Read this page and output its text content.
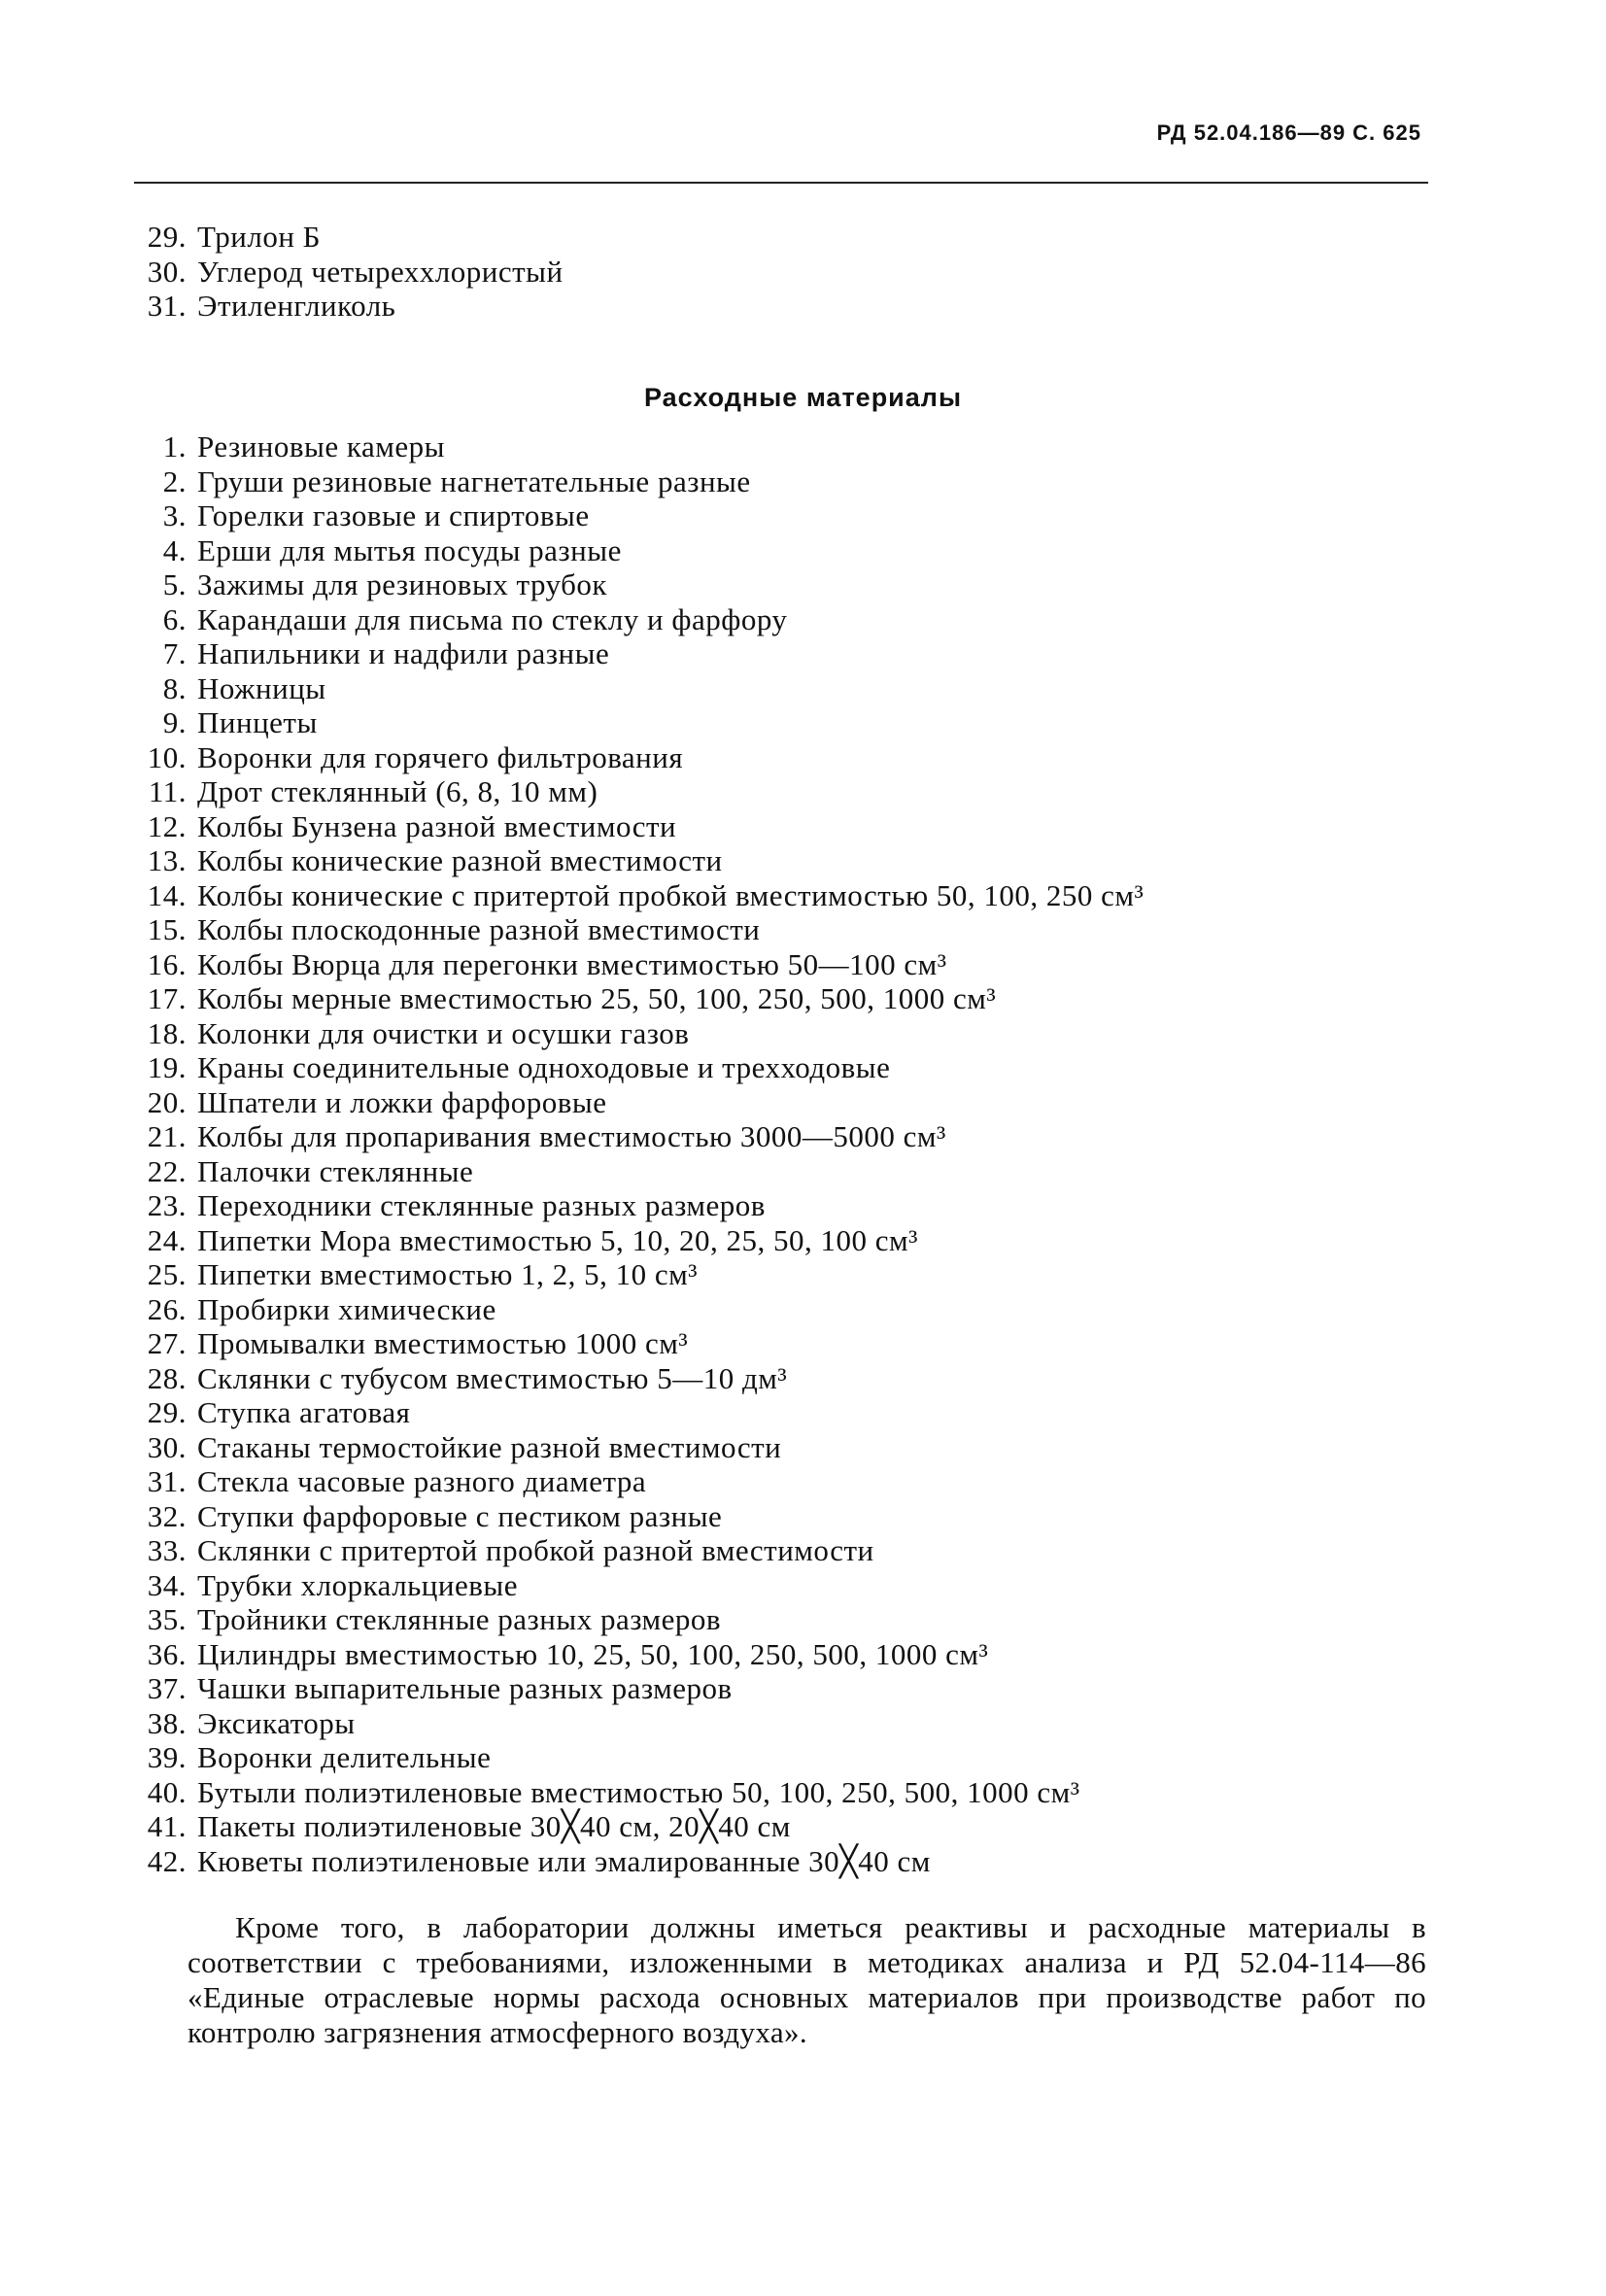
РД 52.04.186—89 С. 625
29. Трилон Б
30. Углерод четыреххлористый
31. Этиленгликоль
Расходные материалы
1. Резиновые камеры
2. Груши резиновые нагнетательные разные
3. Горелки газовые и спиртовые
4. Ерши для мытья посуды разные
5. Зажимы для резиновых трубок
6. Карандаши для письма по стеклу и фарфору
7. Напильники и надфили разные
8. Ножницы
9. Пинцеты
10. Воронки для горячего фильтрования
11. Дрот стеклянный (6, 8, 10 мм)
12. Колбы Бунзена разной вместимости
13. Колбы конические разной вместимости
14. Колбы конические с притертой пробкой вместимостью 50, 100, 250 см³
15. Колбы плоскодонные разной вместимости
16. Колбы Вюрца для перегонки вместимостью 50—100 см³
17. Колбы мерные вместимостью 25, 50, 100, 250, 500, 1000 см³
18. Колонки для очистки и осушки газов
19. Краны соединительные одноходовые и трехходовые
20. Шпатели и ложки фарфоровые
21. Колбы для пропаривания вместимостью 3000—5000 см³
22. Палочки стеклянные
23. Переходники стеклянные разных размеров
24. Пипетки Мора вместимостью 5, 10, 20, 25, 50, 100 см³
25. Пипетки вместимостью 1, 2, 5, 10 см³
26. Пробирки химические
27. Промывалки вместимостью 1000 см³
28. Склянки с тубусом вместимостью 5—10 дм³
29. Ступка агатовая
30. Стаканы термостойкие разной вместимости
31. Стекла часовые разного диаметра
32. Ступки фарфоровые с пестиком разные
33. Склянки с притертой пробкой разной вместимости
34. Трубки хлоркальциевые
35. Тройники стеклянные разных размеров
36. Цилиндры вместимостью 10, 25, 50, 100, 250, 500, 1000 см³
37. Чашки выпарительные разных размеров
38. Эксикаторы
39. Воронки делительные
40. Бутыли полиэтиленовые вместимостью 50, 100, 250, 500, 1000 см³
41. Пакеты полиэтиленовые 30╳40 см, 20╳40 см
42. Кюветы полиэтиленовые или эмалированные 30╳40 см

Кроме того, в лаборатории должны иметься реактивы и расходные материалы в соответствии с требованиями, изложенными в методиках анализа и РД 52.04-114—86 «Единые отраслевые нормы расхода основных материалов при производстве работ по контролю загрязнения атмосферного воздуха».
